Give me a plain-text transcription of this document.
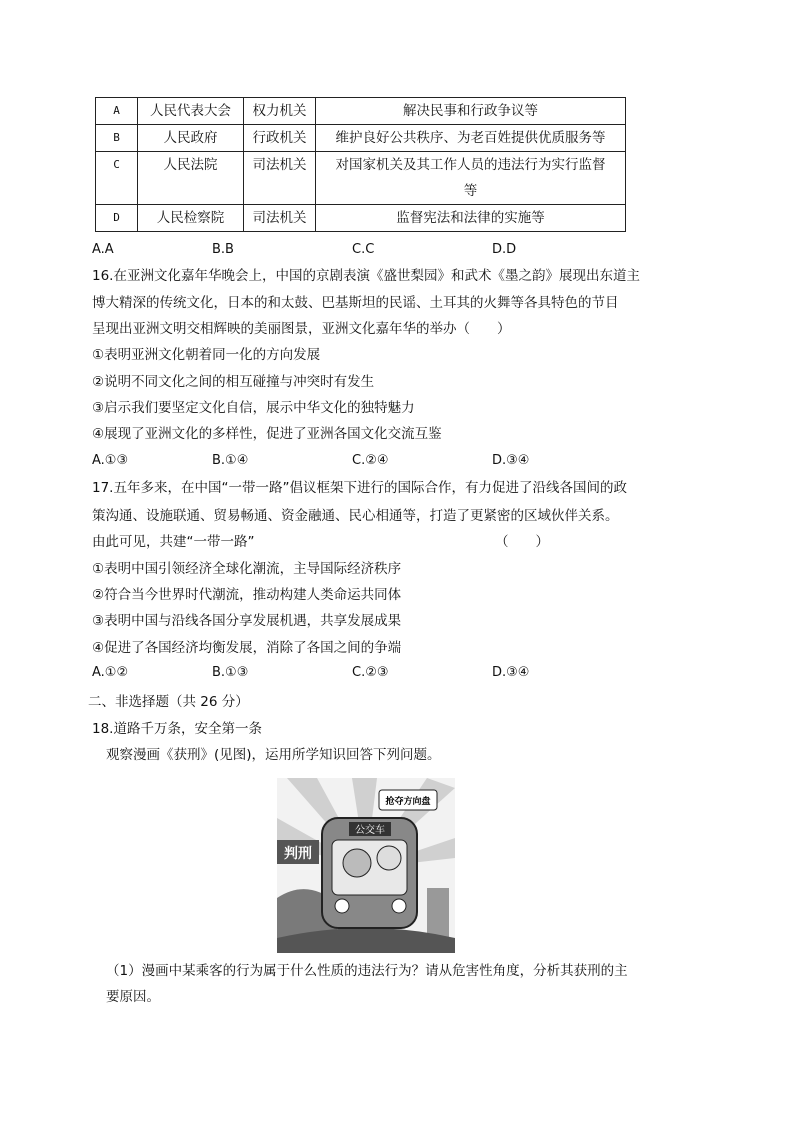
A	人民代表大会	权力机关	解决民事和行政争议等
B	人民政府	行政机关	维护良好公共秩序、为老百姓提供优质服务等
C	人民法院	司法机关	对国家机关及其工作人员的违法行为实行监督等
D	人民检察院	司法机关	监督宪法和法律的实施等
A.A	B.B	C.C	D.D
16.在亚洲文化嘉年华晚会上，中国的京剧表演《盛世梨园》和武术《墨之韵》展现出东道主
博大精深的传统文化，日本的和太鼓、巴基斯坦的民谣、土耳其的火舞等各具特色的节目
呈现出亚洲文明交相辉映的美丽图景，亚洲文化嘉年华的举办（　　）
①表明亚洲文化朝着同一化的方向发展
②说明不同文化之间的相互碰撞与冲突时有发生
③启示我们要坚定文化自信，展示中华文化的独特魅力
④展现了亚洲文化的多样性，促进了亚洲各国文化交流互鉴
A.①③	B.①④	C.②④	D.③④
17.五年多来，在中国“一带一路”倡议框架下进行的国际合作，有力促进了沿线各国间的政
策沟通、设施联通、贸易畅通、资金融通、民心相通等，打造了更紧密的区域伙伴关系。
由此可见，共建“一带一路”	（　　）
①表明中国引领经济全球化潮流，主导国际经济秩序
②符合当今世界时代潮流，推动构建人类命运共同体
③表明中国与沿线各国分享发展机遇，共享发展成果
④促进了各国经济均衡发展，消除了各国之间的争端
A.①②	B.①③	C.②③	D.③④
二、非选择题（共 26 分）
18.道路千万条，安全第一条
观察漫画《获刑》(见图)，运用所学知识回答下列问题。
公交车
判刑
抢夺方向盘
（1）漫画中某乘客的行为属于什么性质的违法行为？请从危害性角度，分析其获刑的主
要原因。
